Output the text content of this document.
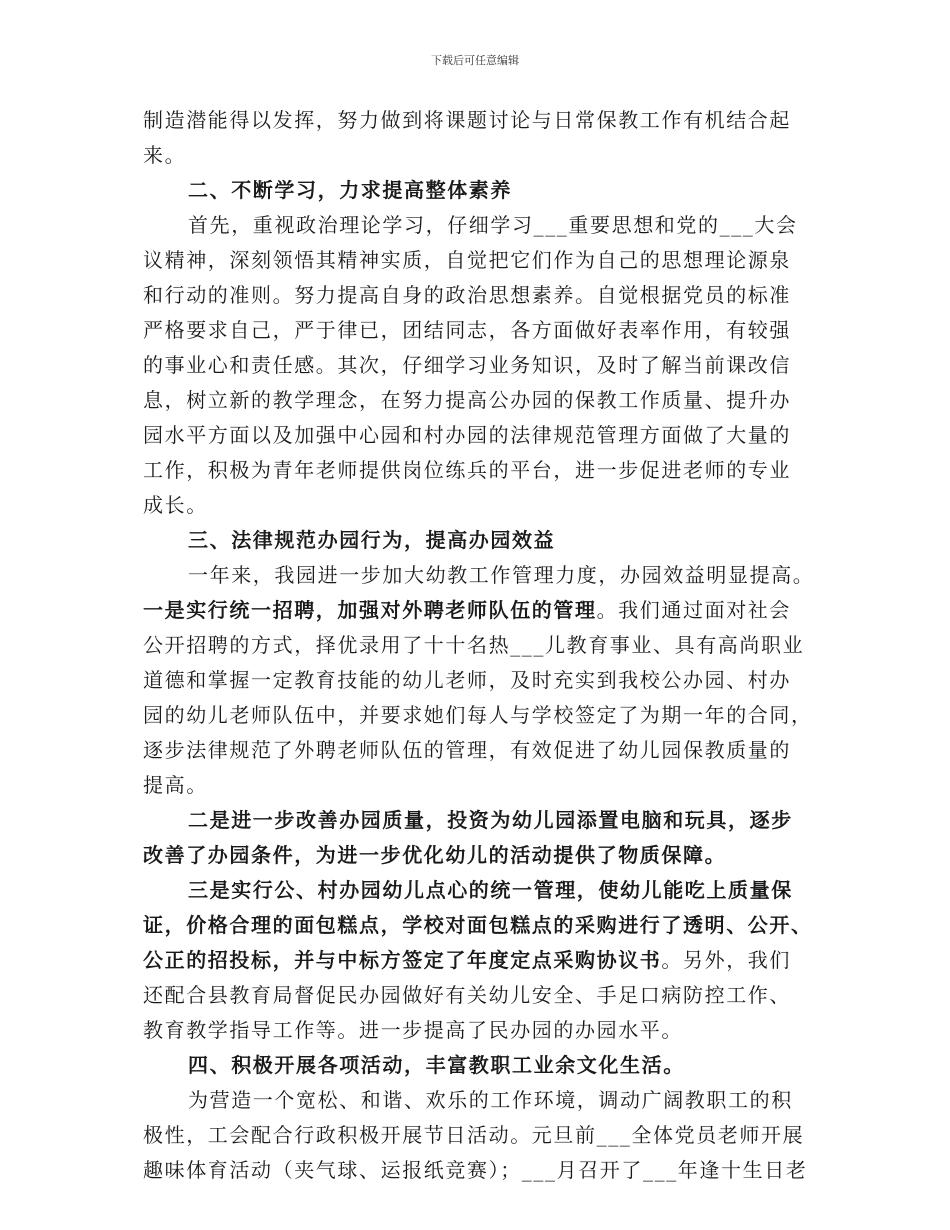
下载后可任意编辑
制造潜能得以发挥，努力做到将课题讨论与日常保教工作有机结合起
来。
二、不断学习，力求提高整体素养
首先，重视政治理论学习，仔细学习___重要思想和党的___大会
议精神，深刻领悟其精神实质，自觉把它们作为自己的思想理论源泉
和行动的准则。努力提高自身的政治思想素养。自觉根据党员的标准
严格要求自己，严于律已，团结同志，各方面做好表率作用，有较强
的事业心和责任感。其次，仔细学习业务知识，及时了解当前课改信
息，树立新的教学理念，在努力提高公办园的保教工作质量、提升办
园水平方面以及加强中心园和村办园的法律规范管理方面做了大量的
工作，积极为青年老师提供岗位练兵的平台，进一步促进老师的专业
成长。
三、法律规范办园行为，提高办园效益
一年来，我园进一步加大幼教工作管理力度，办园效益明显提高。
一是实行统一招聘，加强对外聘老师队伍的管理。我们通过面对社会
公开招聘的方式，择优录用了十十名热___儿教育事业、具有高尚职业
道德和掌握一定教育技能的幼儿老师，及时充实到我校公办园、村办
园的幼儿老师队伍中，并要求她们每人与学校签定了为期一年的合同，
逐步法律规范了外聘老师队伍的管理，有效促进了幼儿园保教质量的
提高。
二是进一步改善办园质量，投资为幼儿园添置电脑和玩具，逐步
改善了办园条件，为进一步优化幼儿的活动提供了物质保障。
三是实行公、村办园幼儿点心的统一管理，使幼儿能吃上质量保
证，价格合理的面包糕点，学校对面包糕点的采购进行了透明、公开、
公正的招投标，并与中标方签定了年度定点采购协议书。另外，我们
还配合县教育局督促民办园做好有关幼儿安全、手足口病防控工作、
教育教学指导工作等。进一步提高了民办园的办园水平。
四、积极开展各项活动，丰富教职工业余文化生活。
为营造一个宽松、和谐、欢乐的工作环境，调动广阔教职工的积
极性，工会配合行政积极开展节日活动。元旦前___全体党员老师开展
趣味体育活动（夹气球、运报纸竞赛）；___月召开了___年逢十生日老
